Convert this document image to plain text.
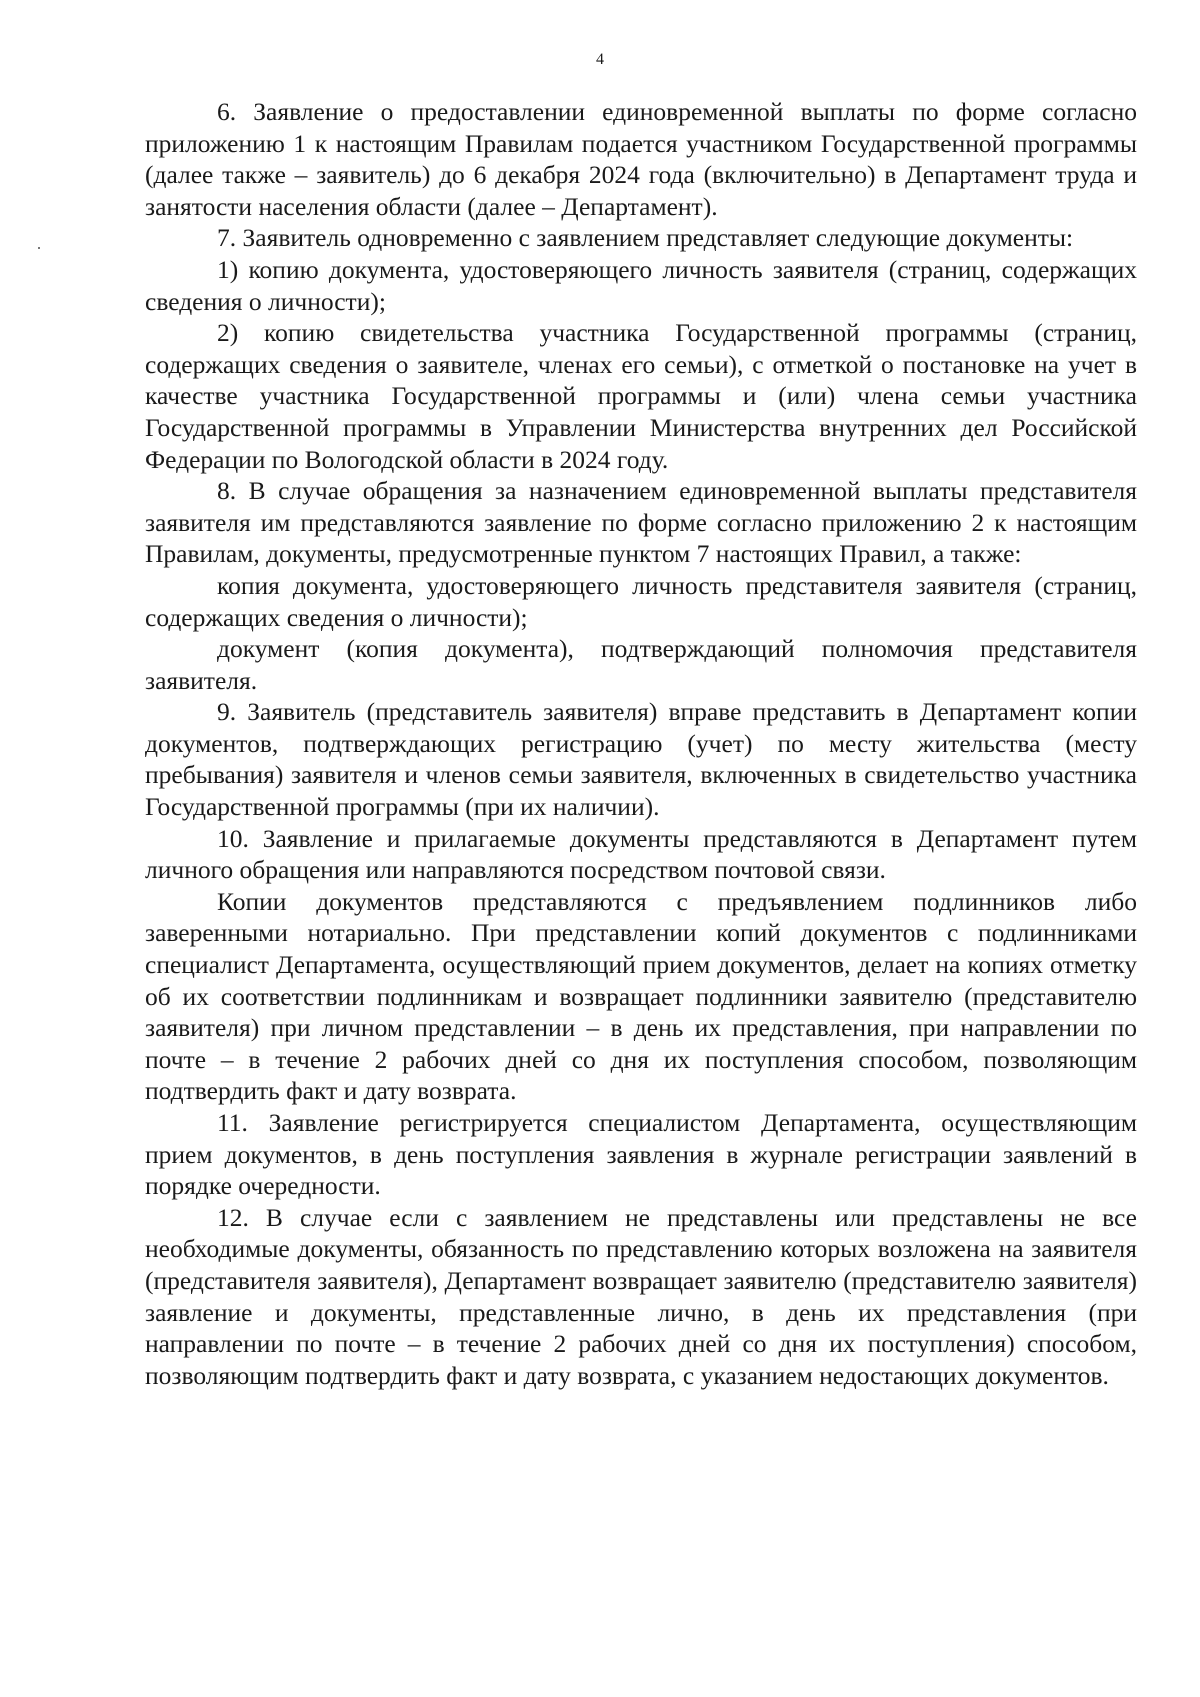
4

6. Заявление о предоставлении единовременной выплаты по форме согласно приложению 1 к настоящим Правилам подается участником Государственной программы (далее также – заявитель) до 6 декабря 2024 года (включительно) в Департамент труда и занятости населения области (далее – Департамент).

7. Заявитель одновременно с заявлением представляет следующие документы:

1) копию документа, удостоверяющего личность заявителя (страниц, содержащих сведения о личности);

2) копию свидетельства участника Государственной программы (страниц, содержащих сведения о заявителе, членах его семьи), с отметкой о постановке на учет в качестве участника Государственной программы и (или) члена семьи участника Государственной программы в Управлении Министерства внутренних дел Российской Федерации по Вологодской области в 2024 году.

8. В случае обращения за назначением единовременной выплаты представителя заявителя им представляются заявление по форме согласно приложению 2 к настоящим Правилам, документы, предусмотренные пунктом 7 настоящих Правил, а также:

копия документа, удостоверяющего личность представителя заявителя (страниц, содержащих сведения о личности);

документ (копия документа), подтверждающий полномочия представителя заявителя.

9. Заявитель (представитель заявителя) вправе представить в Департамент копии документов, подтверждающих регистрацию (учет) по месту жительства (месту пребывания) заявителя и членов семьи заявителя, включенных в свидетельство участника Государственной программы (при их наличии).

10. Заявление и прилагаемые документы представляются в Департамент путем личного обращения или направляются посредством почтовой связи.

Копии документов представляются с предъявлением подлинников либо заверенными нотариально. При представлении копий документов с подлинниками специалист Департамента, осуществляющий прием документов, делает на копиях отметку об их соответствии подлинникам и возвращает подлинники заявителю (представителю заявителя) при личном представлении – в день их представления, при направлении по почте – в течение 2 рабочих дней со дня их поступления способом, позволяющим подтвердить факт и дату возврата.

11. Заявление регистрируется специалистом Департамента, осуществляющим прием документов, в день поступления заявления в журнале регистрации заявлений в порядке очередности.

12. В случае если с заявлением не представлены или представлены не все необходимые документы, обязанность по представлению которых возложена на заявителя (представителя заявителя), Департамент возвращает заявителю (представителю заявителя) заявление и документы, представленные лично, в день их представления (при направлении по почте – в течение 2 рабочих дней со дня их поступления) способом, позволяющим подтвердить факт и дату возврата, с указанием недостающих документов.
